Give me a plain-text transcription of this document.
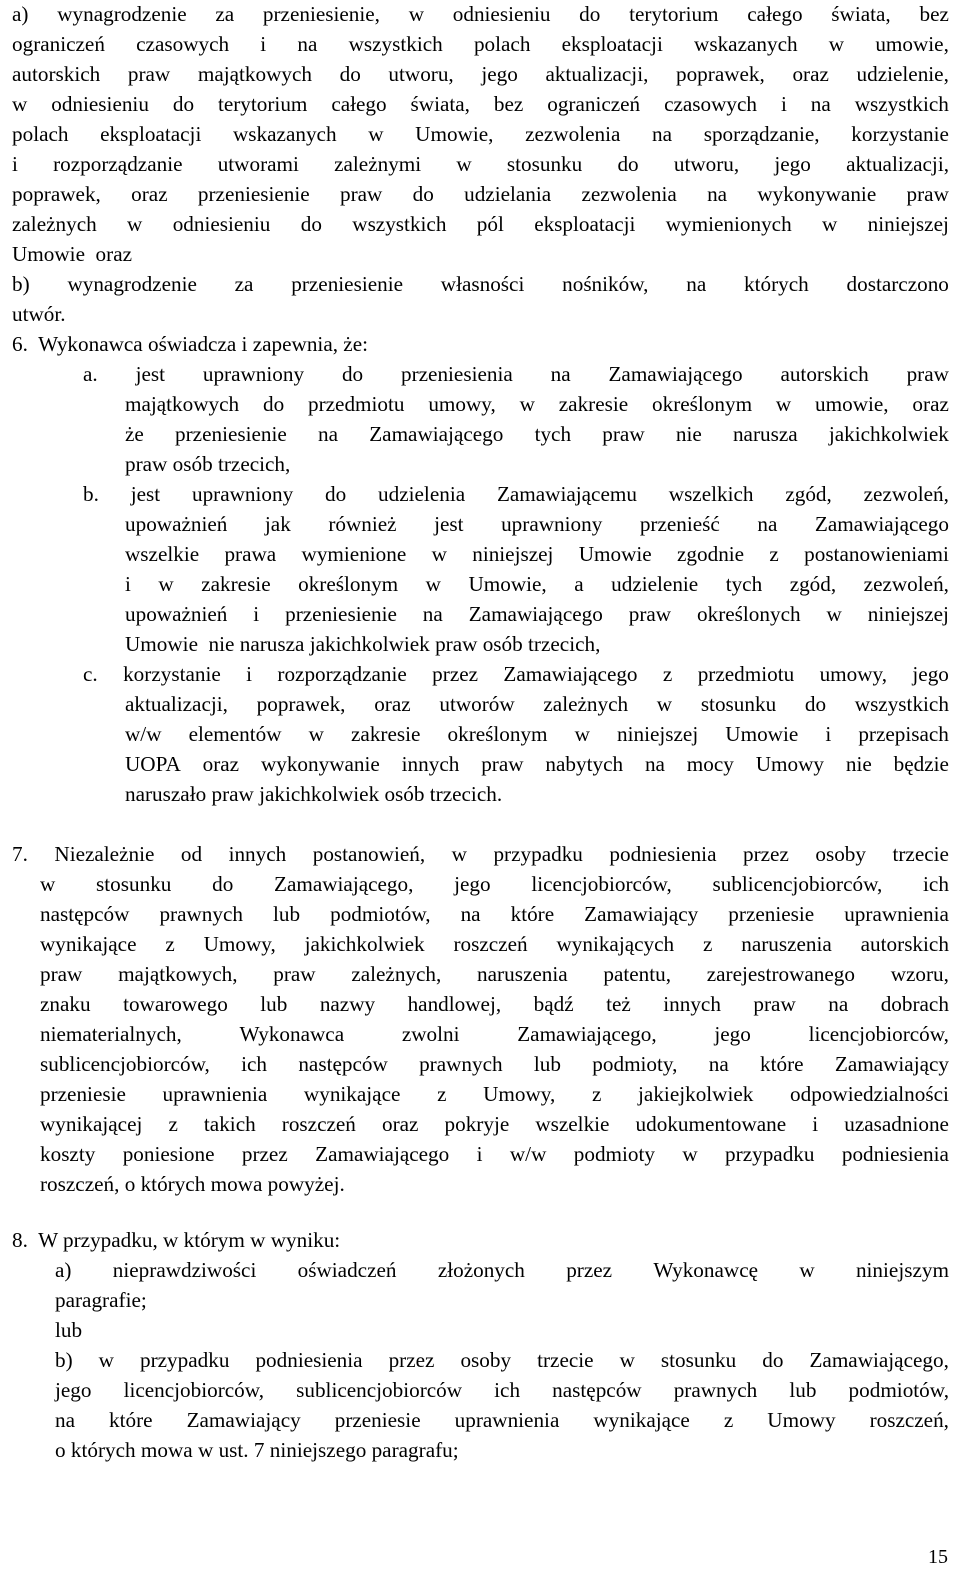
a) wynagrodzenie za przeniesienie, w odniesieniu do terytorium całego świata, bez
ograniczeń czasowych i na wszystkich polach eksploatacji wskazanych w umowie,
autorskich praw majątkowych do utworu, jego aktualizacji, poprawek, oraz udzielenie,
w odniesieniu do terytorium całego świata, bez ograniczeń czasowych i na wszystkich
polach eksploatacji wskazanych w Umowie, zezwolenia na sporządzanie, korzystanie
i rozporządzanie utworami zależnymi w stosunku do utworu, jego aktualizacji,
poprawek, oraz przeniesienie praw do udzielania zezwolenia na wykonywanie praw
zależnych w odniesieniu do wszystkich pól eksploatacji wymienionych w niniejszej
Umowie  oraz
b) wynagrodzenie za przeniesienie własności nośników, na których dostarczono
utwór.
6.  Wykonawca oświadcza i zapewnia, że:
a. jest uprawniony do przeniesienia na Zamawiającego autorskich praw
majątkowych do przedmiotu umowy, w zakresie określonym w umowie, oraz
że przeniesienie na Zamawiającego tych praw nie narusza jakichkolwiek
praw osób trzecich,
b. jest uprawniony do udzielenia Zamawiającemu wszelkich zgód, zezwoleń,
upoważnień jak również jest uprawniony przenieść na Zamawiającego
wszelkie prawa wymienione w niniejszej Umowie zgodnie z postanowieniami
i w zakresie określonym w Umowie, a udzielenie tych zgód, zezwoleń,
upoważnień i przeniesienie na Zamawiającego praw określonych w niniejszej
Umowie  nie narusza jakichkolwiek praw osób trzecich,
c. korzystanie i rozporządzanie przez Zamawiającego z przedmiotu umowy, jego
aktualizacji, poprawek, oraz utworów zależnych w stosunku do wszystkich
w/w elementów w zakresie określonym w niniejszej Umowie i przepisach
UOPA oraz wykonywanie innych praw nabytych na mocy Umowy nie będzie
naruszało praw jakichkolwiek osób trzecich.
7. Niezależnie od innych postanowień, w przypadku podniesienia przez osoby trzecie
w stosunku do Zamawiającego, jego licencjobiorców, sublicencjobiorców, ich
następców prawnych lub podmiotów, na które Zamawiający przeniesie uprawnienia
wynikające z Umowy, jakichkolwiek roszczeń wynikających z naruszenia autorskich
praw majątkowych, praw zależnych, naruszenia patentu, zarejestrowanego wzoru,
znaku towarowego lub nazwy handlowej, bądź też innych praw na dobrach
niematerialnych,	Wykonawca	zwolni	Zamawiającego,	jego	licencjobiorców,
sublicencjobiorców, ich następców prawnych lub podmioty, na które Zamawiający
przeniesie uprawnienia wynikające z Umowy, z jakiejkolwiek odpowiedzialności
wynikającej z takich roszczeń oraz pokryje wszelkie udokumentowane i uzasadnione
koszty poniesione przez Zamawiającego i w/w podmioty w przypadku podniesienia
roszczeń, o których mowa powyżej.
8.  W przypadku, w którym w wyniku:
a) nieprawdziwości oświadczeń złożonych przez Wykonawcę w niniejszym
paragrafie;
lub
b) w przypadku podniesienia przez osoby trzecie w stosunku do Zamawiającego,
jego licencjobiorców, sublicencjobiorców ich następców prawnych lub podmiotów,
na które Zamawiający przeniesie uprawnienia wynikające z Umowy roszczeń,
o których mowa w ust. 7 niniejszego paragrafu;
15
